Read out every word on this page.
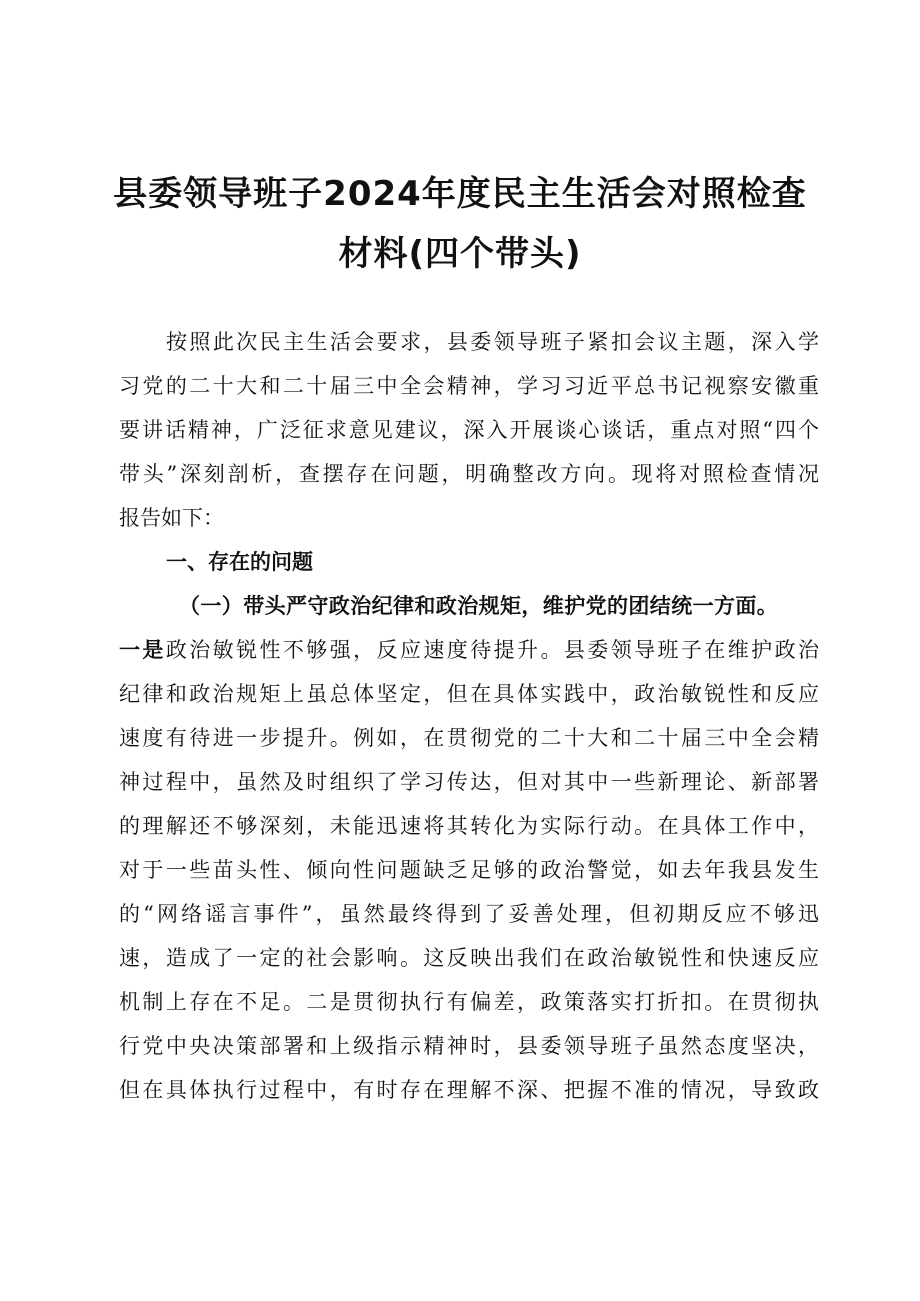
县委领导班子2024年度民主生活会对照检查
材料(四个带头)
按照此次民主生活会要求，县委领导班子紧扣会议主题，深入学
习党的二十大和二十届三中全会精神，学习习近平总书记视察安徽重
要讲话精神，广泛征求意见建议，深入开展谈心谈话，重点对照“四个
带头”深刻剖析，查摆存在问题，明确整改方向。现将对照检查情况
报告如下：
一、存在的问题
（一）带头严守政治纪律和政治规矩，维护党的团结统一方面。
一是政治敏锐性不够强，反应速度待提升。县委领导班子在维护政治
纪律和政治规矩上虽总体坚定，但在具体实践中，政治敏锐性和反应
速度有待进一步提升。例如，在贯彻党的二十大和二十届三中全会精
神过程中，虽然及时组织了学习传达，但对其中一些新理论、新部署
的理解还不够深刻，未能迅速将其转化为实际行动。在具体工作中，
对于一些苗头性、倾向性问题缺乏足够的政治警觉，如去年我县发生
的“网络谣言事件”，虽然最终得到了妥善处理，但初期反应不够迅
速，造成了一定的社会影响。这反映出我们在政治敏锐性和快速反应
机制上存在不足。二是贯彻执行有偏差，政策落实打折扣。在贯彻执
行党中央决策部署和上级指示精神时，县委领导班子虽然态度坚决，
但在具体执行过程中，有时存在理解不深、把握不准的情况，导致政
